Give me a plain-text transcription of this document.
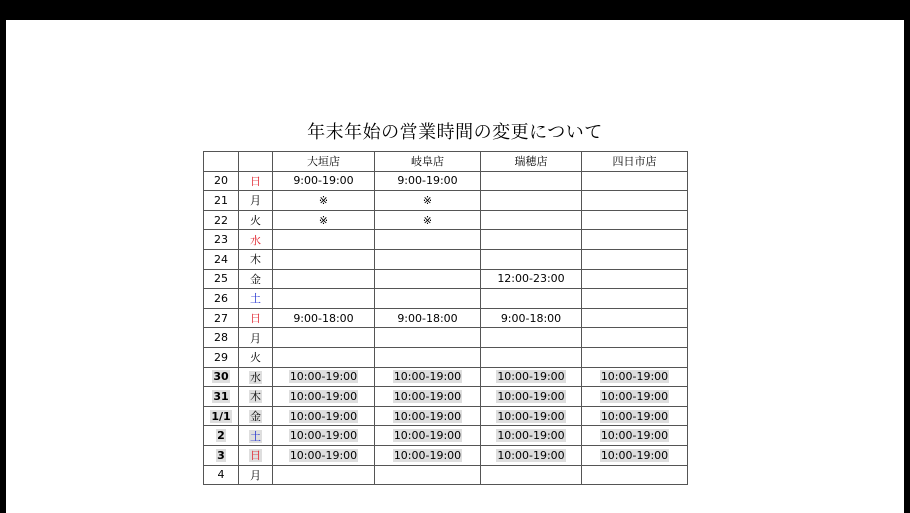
年末年始の営業時間の変更について
		大垣店	岐阜店	瑞穂店	四日市店
20	日	9:00-19:00	9:00-19:00		
21	月	※	※		
22	火	※	※		
23	水				
24	木				
25	金			12:00-23:00	
26	土				
27	日	9:00-18:00	9:00-18:00	9:00-18:00	
28	月				
29	火				
30	水	10:00-19:00	10:00-19:00	10:00-19:00	10:00-19:00
31	木	10:00-19:00	10:00-19:00	10:00-19:00	10:00-19:00
1/1	金	10:00-19:00	10:00-19:00	10:00-19:00	10:00-19:00
2	土	10:00-19:00	10:00-19:00	10:00-19:00	10:00-19:00
3	日	10:00-19:00	10:00-19:00	10:00-19:00	10:00-19:00
4	月				
